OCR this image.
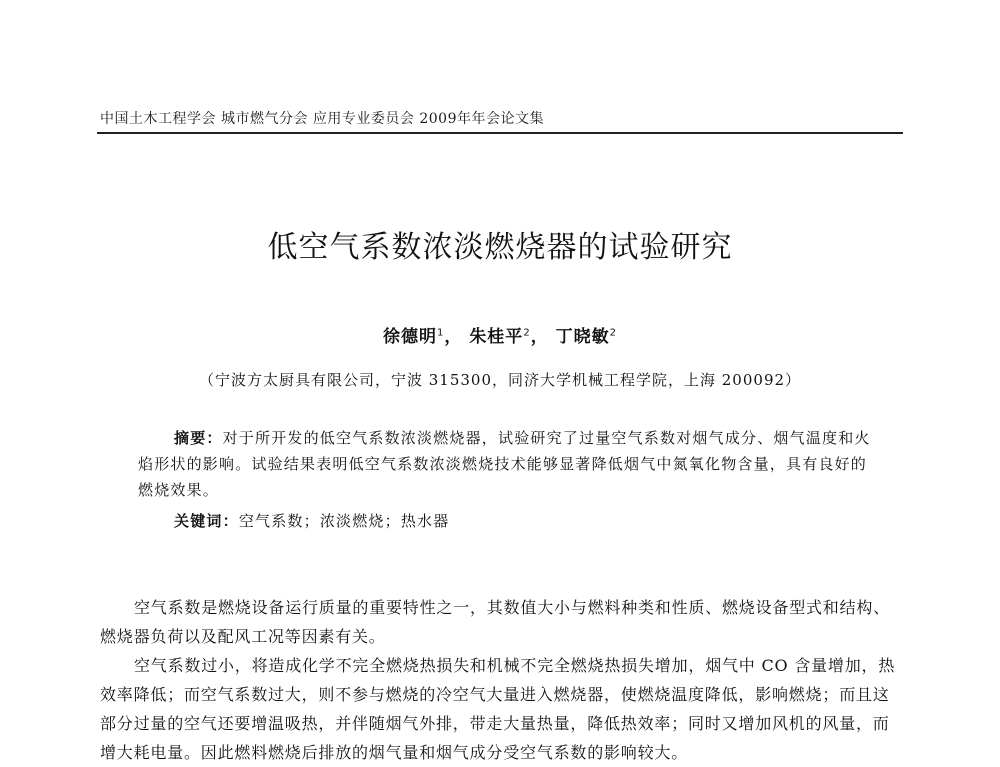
中国土木工程学会 城市燃气分会 应用专业委员会 2009年年会论文集
低空气系数浓淡燃烧器的试验研究
徐德明$^1$， 朱桂平$^2$， 丁晓敏$^2$
（宁波方太厨具有限公司，宁波 315300，同济大学机械工程学院，上海 200092）
摘要：对于所开发的低空气系数浓淡燃烧器，试验研究了过量空气系数对烟气成分、烟气温度和火焰形状的影响。试验结果表明低空气系数浓淡燃烧技术能够显著降低烟气中氮氧化物含量，具有良好的燃烧效果。
关键词：空气系数；浓淡燃烧；热水器

空气系数是燃烧设备运行质量的重要特性之一，其数值大小与燃料种类和性质、燃烧设备型式和结构、燃烧器负荷以及配风工况等因素有关。

空气系数过小，将造成化学不完全燃烧热损失和机械不完全燃烧热损失增加，烟气中 CO 含量增加，热效率降低；而空气系数过大，则不参与燃烧的冷空气大量进入燃烧器，使燃烧温度降低，影响燃烧；而且这部分过量的空气还要增温吸热，并伴随烟气外排，带走大量热量，降低热效率；同时又增加风机的风量，而增大耗电量。因此燃料燃烧后排放的烟气量和烟气成分受空气系数的影响较大。
